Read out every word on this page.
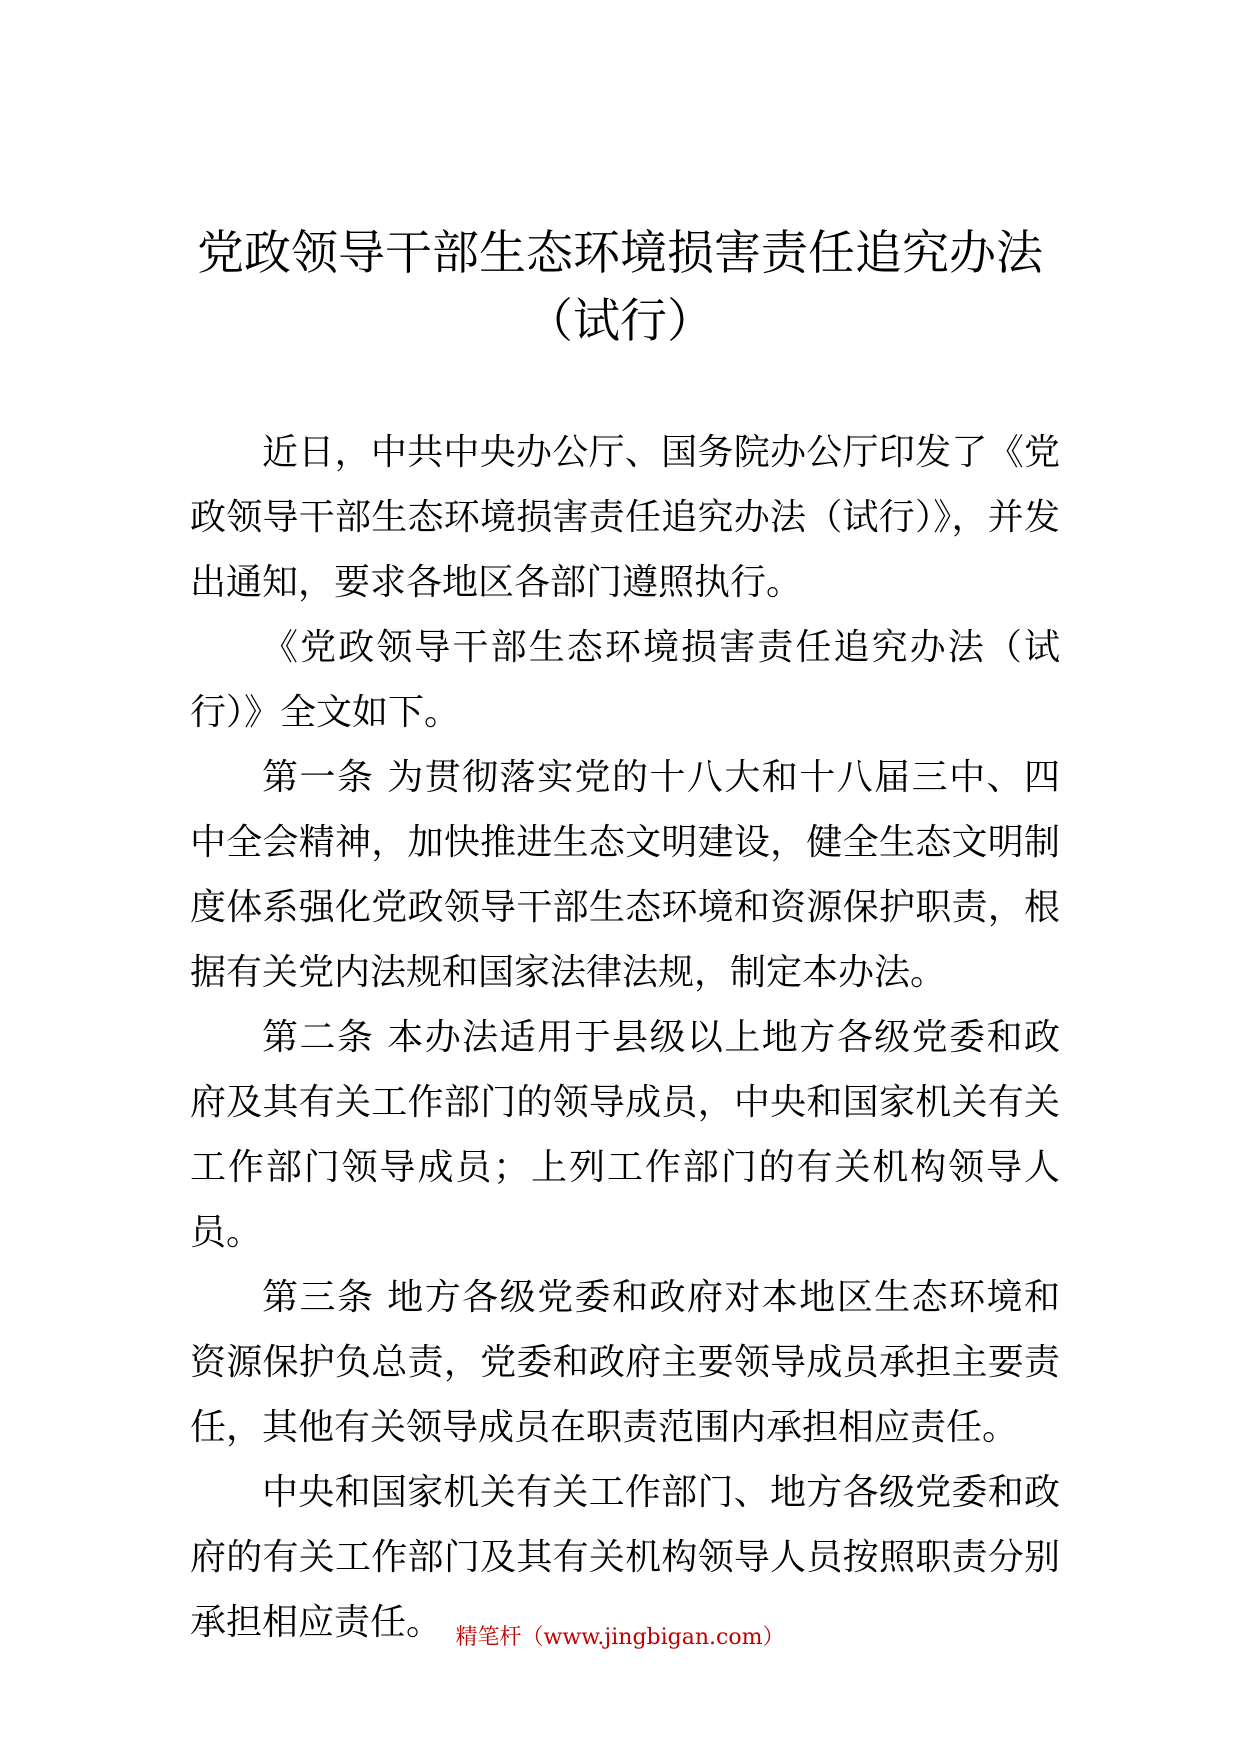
党政领导干部生态环境损害责任追究办法
（试行）

近日，中共中央办公厅、国务院办公厅印发了《党政领导干部生态环境损害责任追究办法（试行）》，并发出通知，要求各地区各部门遵照执行。

《党政领导干部生态环境损害责任追究办法（试行）》全文如下。

第一条 为贯彻落实党的十八大和十八届三中、四中全会精神，加快推进生态文明建设，健全生态文明制度体系强化党政领导干部生态环境和资源保护职责，根据有关党内法规和国家法律法规，制定本办法。

第二条 本办法适用于县级以上地方各级党委和政府及其有关工作部门的领导成员，中央和国家机关有关工作部门领导成员；上列工作部门的有关机构领导人员。

第三条 地方各级党委和政府对本地区生态环境和资源保护负总责，党委和政府主要领导成员承担主要责任，其他有关领导成员在职责范围内承担相应责任。

中央和国家机关有关工作部门、地方各级党委和政府的有关工作部门及其有关机构领导人员按照职责分别承担相应责任。 精笔杆（www.jingbigan.com）
